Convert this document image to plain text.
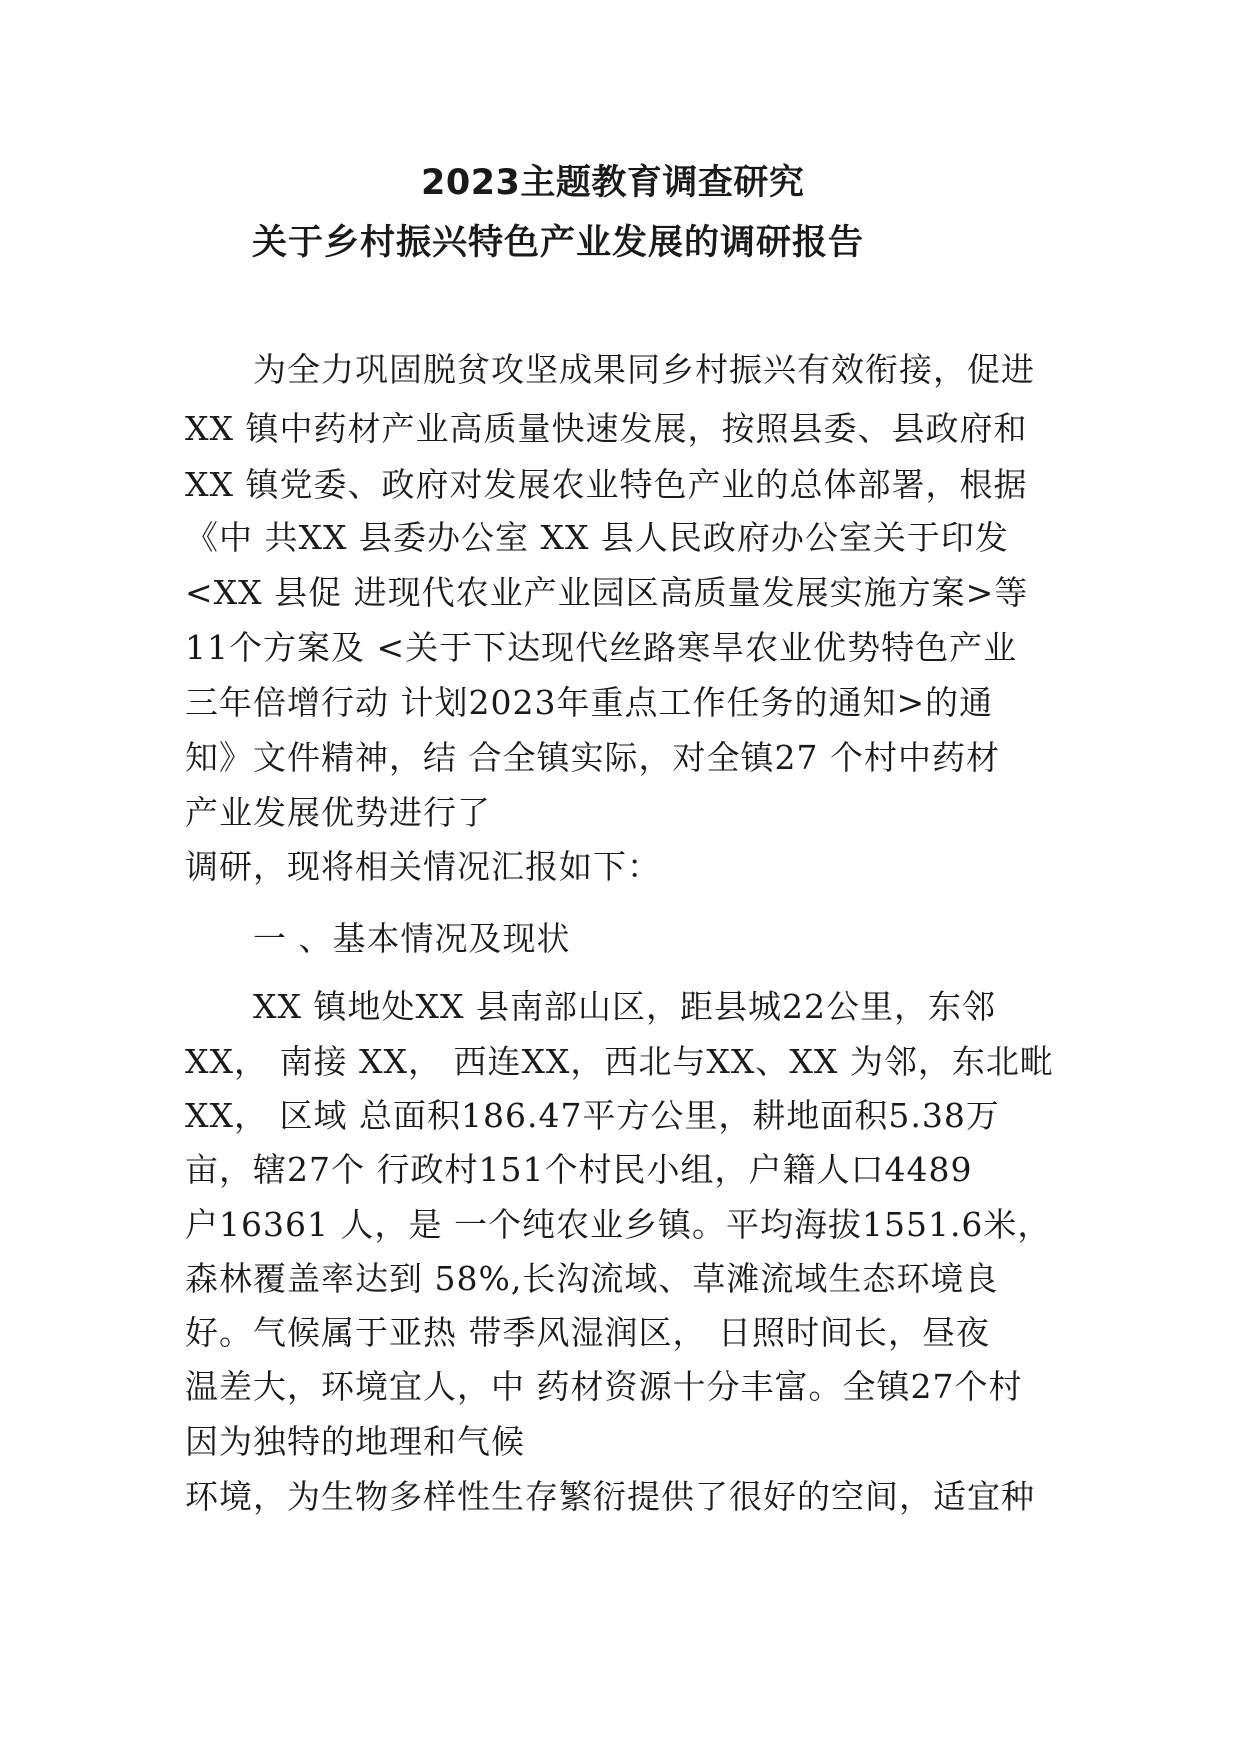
2023主题教育调查研究
关于乡村振兴特色产业发展的调研报告
为全力巩固脱贫攻坚成果同乡村振兴有效衔接，促进
XX 镇中药材产业高质量快速发展，按照县委、县政府和
XX 镇党委、政府对发展农业特色产业的总体部署，根据
《中 共XX 县委办公室 XX 县人民政府办公室关于印发
<XX 县促 进现代农业产业园区高质量发展实施方案>等
11个方案及 <关于下达现代丝路寒旱农业优势特色产业
三年倍增行动 计划2023年重点工作任务的通知>的通
知》文件精神，结 合全镇实际，对全镇27 个村中药材
产业发展优势进行了
调研，现将相关情况汇报如下：
一 、基本情况及现状
XX 镇地处XX 县南部山区，距县城22公里，东邻
XX， 南接 XX， 西连XX，西北与XX、XX 为邻，东北毗
XX， 区域 总面积186.47平方公里，耕地面积5.38万
亩，辖27个 行政村151个村民小组，户籍人口4489
户16361 人，是 一个纯农业乡镇。平均海拔1551.6米，
森林覆盖率达到 58%,长沟流域、草滩流域生态环境良
好。气候属于亚热 带季风湿润区， 日照时间长，昼夜
温差大，环境宜人，中 药材资源十分丰富。全镇27个村
因为独特的地理和气候
环境，为生物多样性生存繁衍提供了很好的空间，适宜种
